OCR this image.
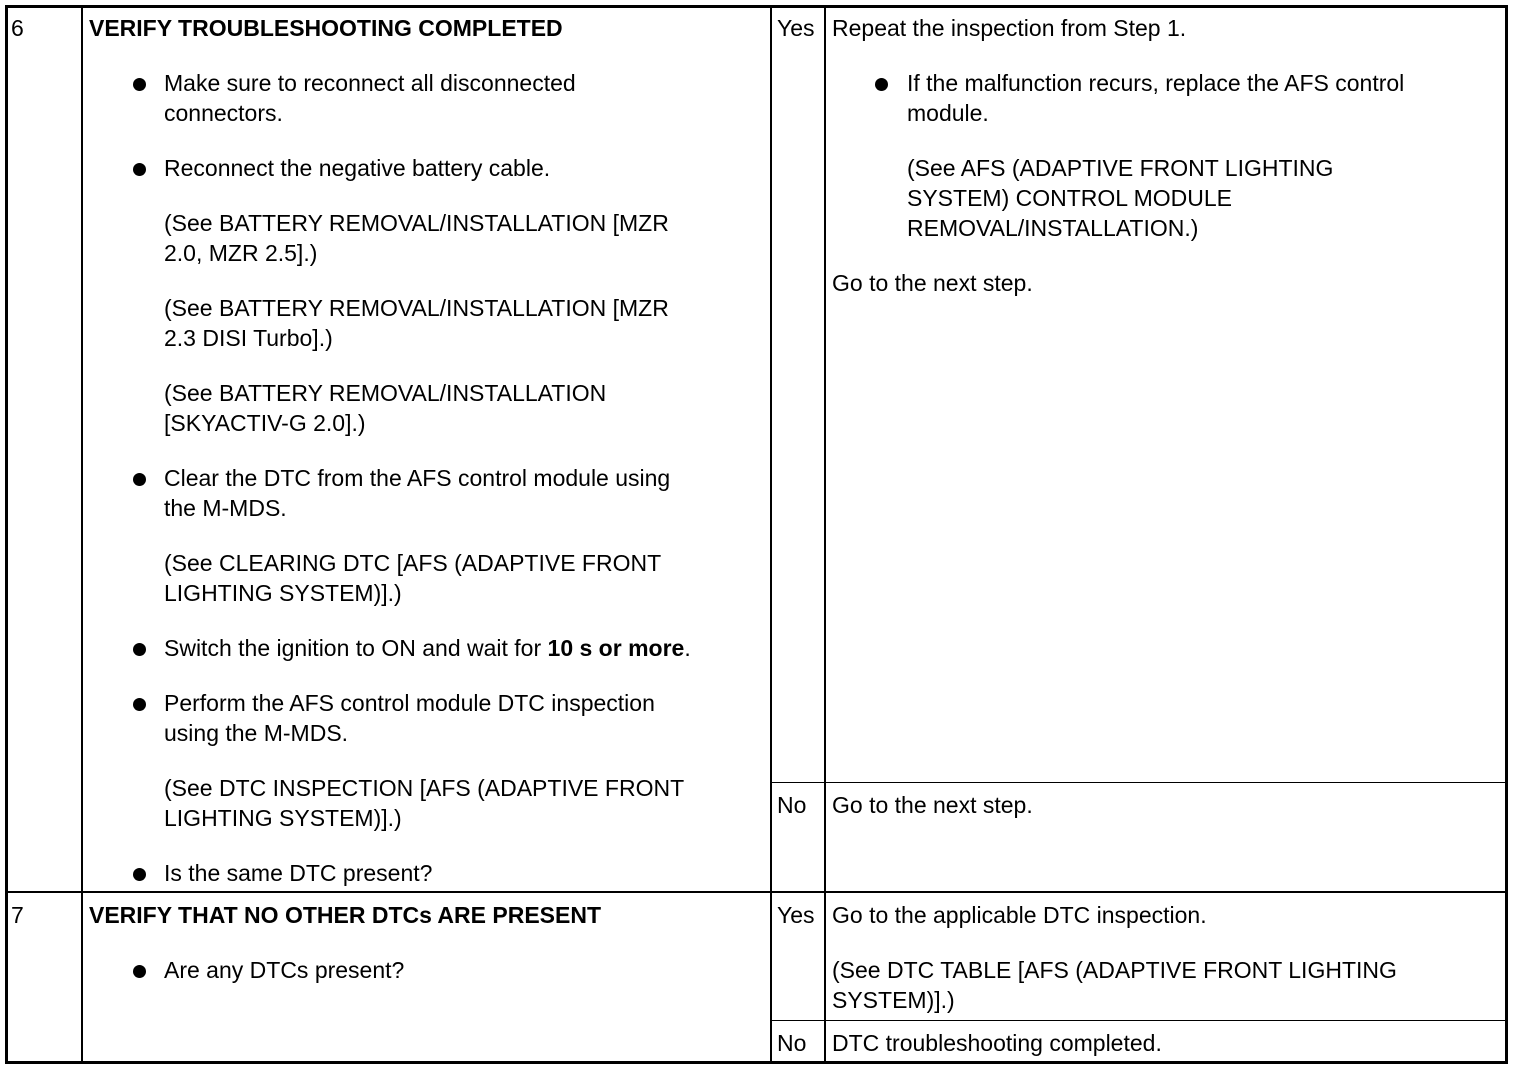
6	VERIFY TROUBLESHOOTING COMPLETED
Make sure to reconnect all disconnected
connectors.
Reconnect the negative battery cable.
(See BATTERY REMOVAL/INSTALLATION [MZR
2.0, MZR 2.5].)
(See BATTERY REMOVAL/INSTALLATION [MZR
2.3 DISI Turbo].)
(See BATTERY REMOVAL/INSTALLATION
[SKYACTIV-G 2.0].)
Clear the DTC from the AFS control module using
the M-MDS.
(See CLEARING DTC [AFS (ADAPTIVE FRONT
LIGHTING SYSTEM)].)
Switch the ignition to ON and wait for 10 s or more.
Perform the AFS control module DTC inspection
using the M-MDS.
(See DTC INSPECTION [AFS (ADAPTIVE FRONT
LIGHTING SYSTEM)].)
Is the same DTC present?
Yes Repeat the inspection from Step 1.
If the malfunction recurs, replace the AFS control
module.
(See AFS (ADAPTIVE FRONT LIGHTING
SYSTEM) CONTROL MODULE
REMOVAL/INSTALLATION.)
Go to the next step.
No Go to the next step.
7	VERIFY THAT NO OTHER DTCs ARE PRESENT
Are any DTCs present?
Yes Go to the applicable DTC inspection.
(See DTC TABLE [AFS (ADAPTIVE FRONT LIGHTING
SYSTEM)].)
No DTC troubleshooting completed.
